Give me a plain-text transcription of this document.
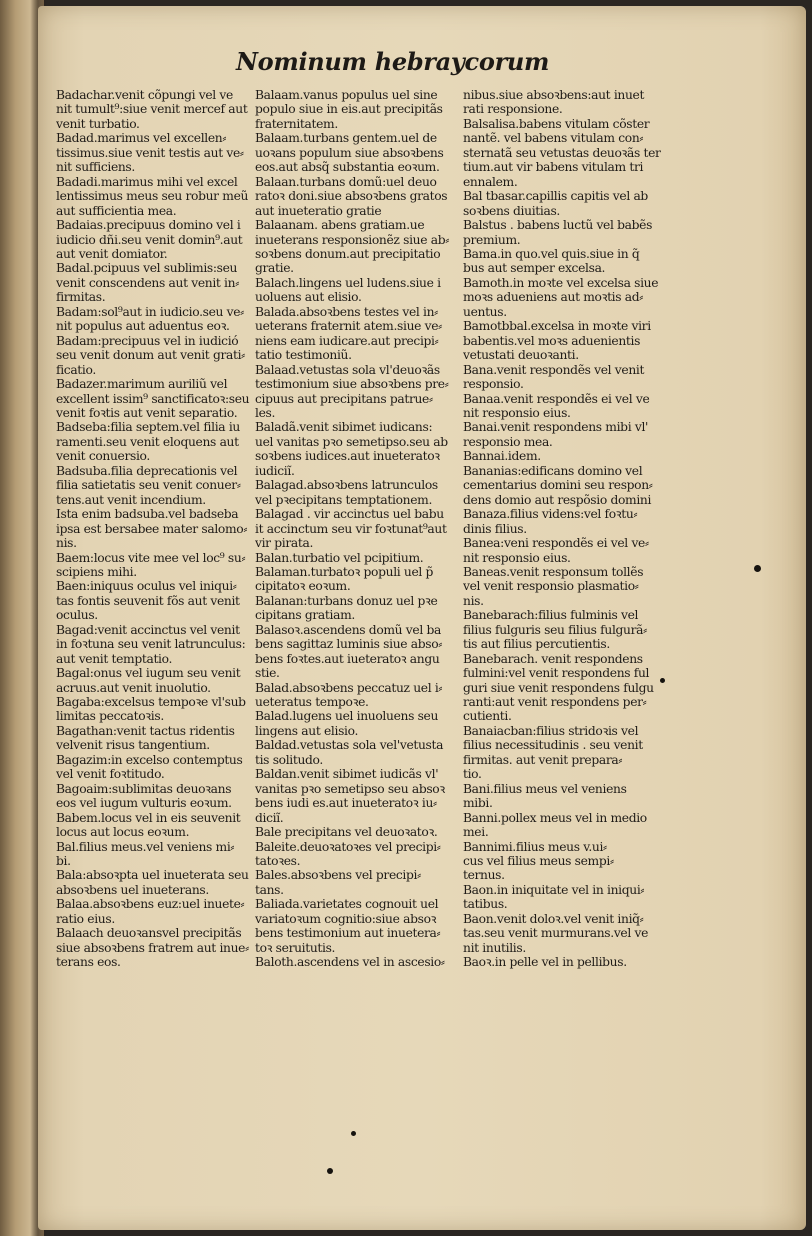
Nominum hebraycorum
Badachar.venit cõpungi vel ve
nit tumult⁹:siue venit mercef aut
venit turbatio.
Badad.marimus vel excellen⸗
tissimus.siue venit testis aut ve⸗
nit sufficiens.
Badadi.marimus mihi vel excel
lentissimus meus seu robur meũ
aut sufficientia mea.
Badaias.precipuus domino vel i
iudicio dñi.seu venit domin⁹.aut
aut venit domiator.
Badal.pcipuus vel sublimis:seu
venit conscendens aut venit in⸗
firmitas.
Badam:sol⁹aut in iudicio.seu ve⸗
nit populus aut aduentus eoꝛ.
Badam:precipuus vel in iudició
seu venit donum aut venit grati⸗
ficatio.
Badazer.marimum auriliũ vel
excellent issim⁹ sanctificatoꝛ:seu
venit foꝛtis aut venit separatio.
Badseba:filia septem.vel filia iu
ramenti.seu venit eloquens aut
venit conuersio.
Badsuba.filia deprecationis vel
filia satietatis seu venit conuer⸗
tens.aut venit incendium.
Ista enim badsuba.vel badseba
ipsa est bersabee mater salomo⸗
nis.
Baem:locus vite mee vel loc⁹ su⸗
scipiens mihi.
Baen:iniquus oculus vel iniqui⸗
tas fontis seuvenit fõs aut venit
oculus.
Bagad:venit accinctus vel venit
in foꝛtuna seu venit latrunculus:
aut venit temptatio.
Bagal:onus vel iugum seu venit
acruus.aut venit inuolutio.
Bagaba:excelsus tempoꝛe vl'sub
limitas peccatoꝛis.
Bagathan:venit tactus ridentis
velvenit risus tangentium.
Bagazim:in excelso contemptus
vel venit foꝛtitudo.
Bagoaim:sublimitas deuoꝛans
eos vel iugum vulturis eoꝛum.
Babem.locus vel in eis seuvenit
locus aut locus eoꝛum.
Bal.filius meus.vel veniens mi⸗
bi.
Bala:absoꝛpta uel inueterata seu
absoꝛbens uel inueterans.
Balaa.absoꝛbens euz:uel inuete⸗
ratio eius.
Balaach deuoꝛansvel precipitãs
siue absoꝛbens fratrem aut inue⸗
terans eos.
Balaam.vanus populus uel sine
populo siue in eis.aut precipitãs
fraternitatem.
Balaam.turbans gentem.uel de
uoꝛans populum siue absoꝛbens
eos.aut absq̃ substantia eoꝛum.
Balaan.turbans domũ:uel deuo
ratoꝛ doni.siue absoꝛbens gratos
aut inueteratio gratie
Balaanam. abens gratiam.ue
inueterans responsionẽz siue ab⸗
soꝛbens donum.aut precipitatio
gratie.
Balach.lingens uel ludens.siue i
uoluens aut elisio.
Balada.absoꝛbens testes vel in⸗
ueterans fraternit atem.siue ve⸗
niens eam iudicare.aut precipi⸗
tatio testimoniũ.
Balaad.vetustas sola vl'deuoꝛãs
testimonium siue absoꝛbens pre⸗
cipuus aut precipitans patrue⸗
les.
Baladã.venit sibimet iudicans:
uel vanitas pꝛo semetipso.seu ab
soꝛbens iudices.aut inueteratoꝛ
iudiciĩ.
Balagad.absoꝛbens latrunculos
vel pꝛecipitans temptationem.
Balagad . vir accinctus uel babu
it accinctum seu vir foꝛtunat⁹aut
vir pirata.
Balan.turbatio vel pcipitium.
Balaman.turbatoꝛ populi uel p̃
cipitatoꝛ eoꝛum.
Balanan:turbans donuz uel pꝛe
cipitans gratiam.
Balasoꝛ.ascendens domũ vel ba
bens sagittaz luminis siue abso⸗
bens foꝛtes.aut iueteratoꝛ angu
stie.
Balad.absoꝛbens peccatuz uel i⸗
ueteratus tempoꝛe.
Balad.lugens uel inuoluens seu
lingens aut elisio.
Baldad.vetustas sola vel'vetusta
tis solitudo.
Baldan.venit sibimet iudicãs vl'
vanitas pꝛo semetipso seu absoꝛ
bens iudi es.aut inueteratoꝛ iu⸗
diciĩ.
Bale precipitans vel deuoꝛatoꝛ.
Baleite.deuoꝛatoꝛes vel precipi⸗
tatoꝛes.
Bales.absoꝛbens vel precipi⸗
tans.
Baliada.varietates cognouit uel
variatoꝛum cognitio:siue absoꝛ
bens testimonium aut inuetera⸗
toꝛ seruitutis.
Baloth.ascendens vel in ascesio⸗
nibus.siue absoꝛbens:aut inuet
rati responsione.
Balsalisa.babens vitulam cõster
nantẽ. vel babens vitulam con⸗
sternatã seu vetustas deuoꝛãs ter
tium.aut vir babens vitulam tri
ennalem.
Bal tbasar.capillis capitis vel ab
soꝛbens diuitias.
Balstus . babens luctũ vel babẽs
premium.
Bama.in quo.vel quis.siue in q̃
bus aut semper excelsa.
Bamoth.in moꝛte vel excelsa siue
moꝛs adueniens aut moꝛtis ad⸗
uentus.
Bamotbbal.excelsa in moꝛte viri
babentis.vel moꝛs aduenientis
vetustati deuoꝛanti.
Bana.venit respondẽs vel venit
responsio.
Banaa.venit respondẽs ei vel ve
nit responsio eius.
Banai.venit respondens mibi vl'
responsio mea.
Bannai.idem.
Bananias:edificans domino vel
cementarius domini seu respon⸗
dens domio aut respõsio domini
Banaza.filius videns:vel foꝛtu⸗
dinis filius.
Banea:veni respondẽs ei vel ve⸗
nit responsio eius.
Baneas.venit responsum tollẽs
vel venit responsio plasmatio⸗
nis.
Banebarach:filius fulminis vel
filius fulguris seu filius fulgurã⸗
tis aut filius percutientis.
Banebarach. venit respondens
fulmini:vel venit respondens ful
guri siue venit respondens fulgu
ranti:aut venit respondens per⸗
cutienti.
Banaiacban:filius stridoꝛis vel
filius necessitudinis . seu venit
firmitas. aut venit prepara⸗
tio.
Bani.filius meus vel veniens
mibi.
Banni.pollex meus vel in medio
mei.
Bannimi.filius meus v.ui⸗
cus vel filius meus sempi⸗
ternus.
Baon.in iniquitate vel in iniqui⸗
tatibus.
Baon.venit doloꝛ.vel venit iniq̃⸗
tas.seu venit murmurans.vel ve
nit inutilis.
Baoꝛ.in pelle vel in pellibus.
